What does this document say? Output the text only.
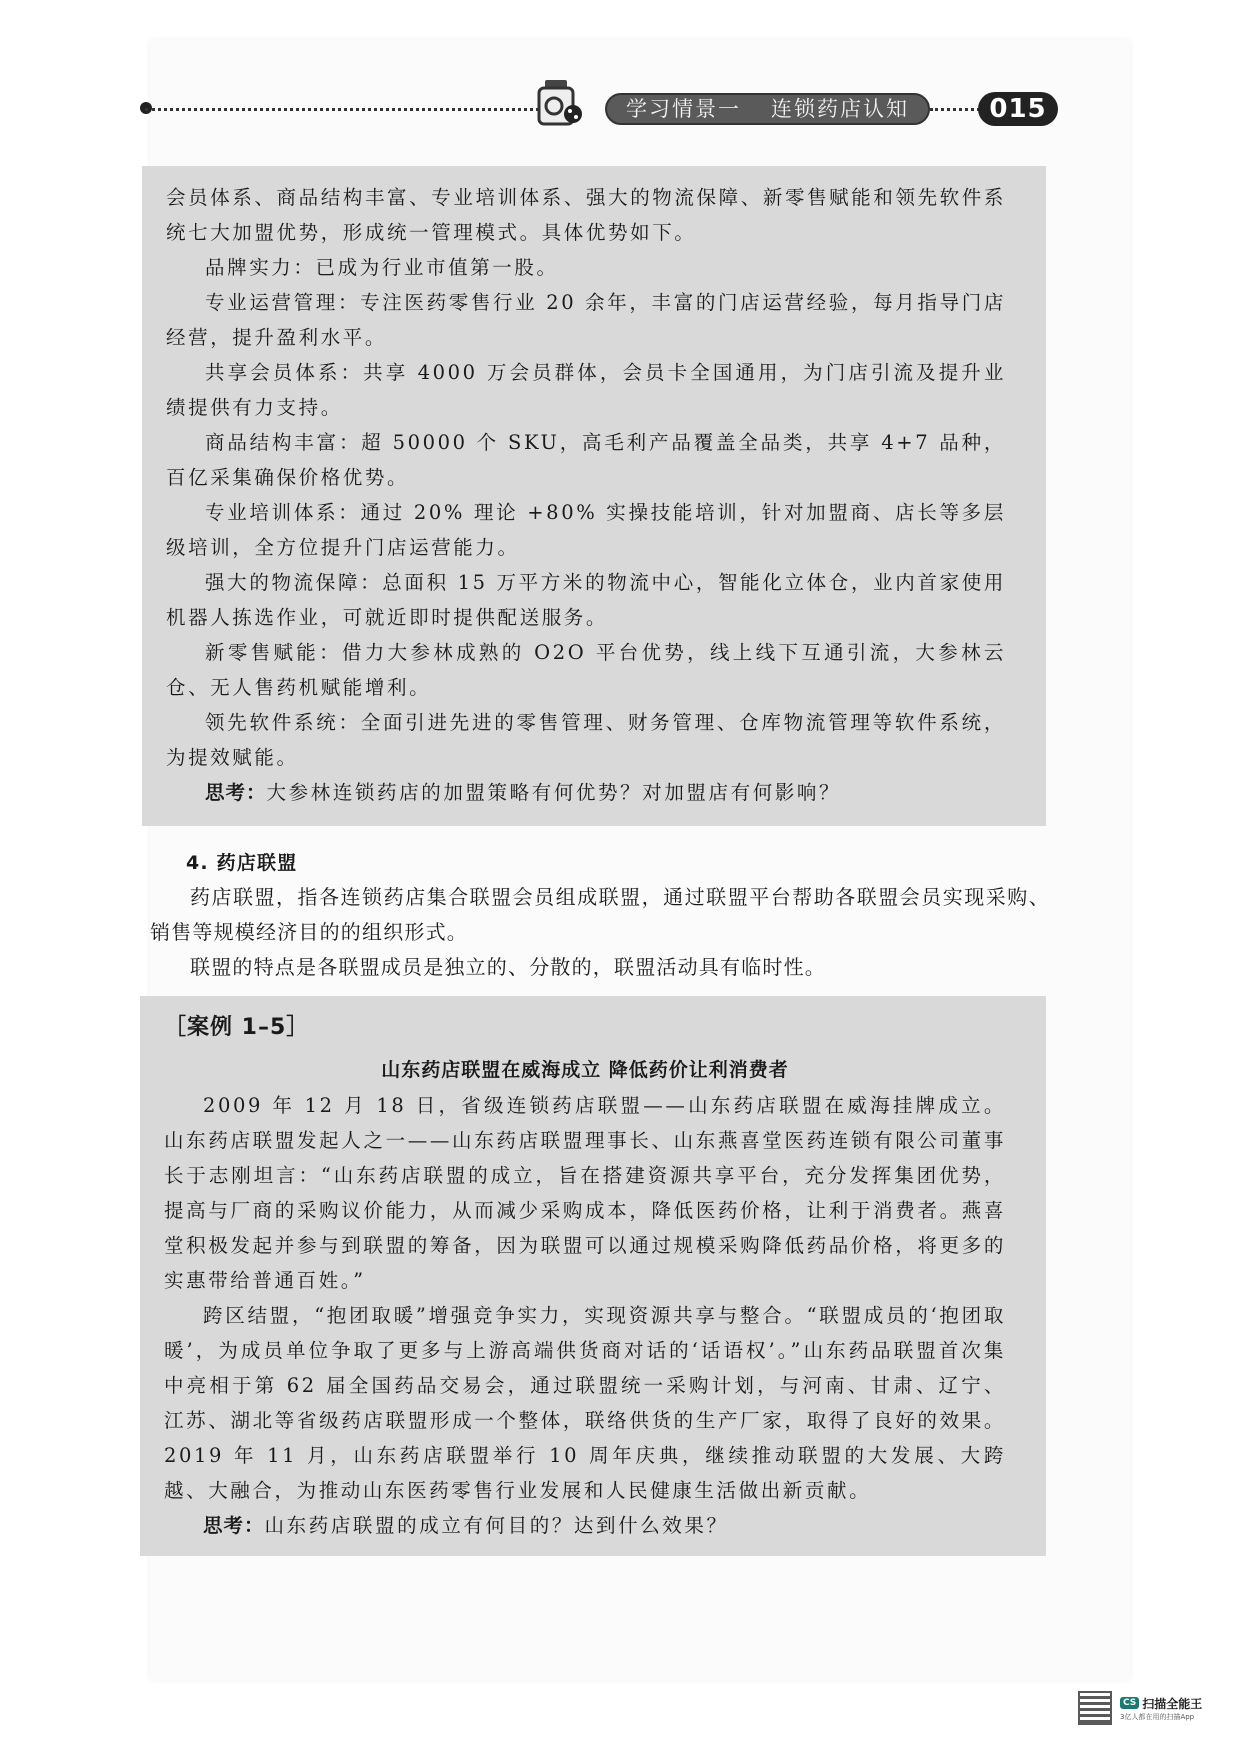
学习情景一 连锁药店认知	015

会员体系、商品结构丰富、专业培训体系、强大的物流保障、新零售赋能和领先软件系统七大加盟优势，形成统一管理模式。具体优势如下。

品牌实力：已成为行业市值第一股。

专业运营管理：专注医药零售行业 20 余年，丰富的门店运营经验，每月指导门店经营，提升盈利水平。

共享会员体系：共享 4000 万会员群体，会员卡全国通用，为门店引流及提升业绩提供有力支持。

商品结构丰富：超 50000 个 SKU，高毛利产品覆盖全品类，共享 4+7 品种，百亿采集确保价格优势。

专业培训体系：通过 20% 理论 +80% 实操技能培训，针对加盟商、店长等多层级培训，全方位提升门店运营能力。

强大的物流保障：总面积 15 万平方米的物流中心，智能化立体仓，业内首家使用机器人拣选作业，可就近即时提供配送服务。

新零售赋能：借力大参林成熟的 O2O 平台优势，线上线下互通引流，大参林云仓、无人售药机赋能增利。

领先软件系统：全面引进先进的零售管理、财务管理、仓库物流管理等软件系统，为提效赋能。

思考：大参林连锁药店的加盟策略有何优势？对加盟店有何影响？

4. 药店联盟

药店联盟，指各连锁药店集合联盟会员组成联盟，通过联盟平台帮助各联盟会员实现采购、销售等规模经济目的的组织形式。

联盟的特点是各联盟成员是独立的、分散的，联盟活动具有临时性。

［案例 1–5］

山东药店联盟在威海成立 降低药价让利消费者

2009 年 12 月 18 日，省级连锁药店联盟——山东药店联盟在威海挂牌成立。山东药店联盟发起人之一——山东药店联盟理事长、山东燕喜堂医药连锁有限公司董事长于志刚坦言：“山东药店联盟的成立，旨在搭建资源共享平台，充分发挥集团优势，提高与厂商的采购议价能力，从而减少采购成本，降低医药价格，让利于消费者。燕喜堂积极发起并参与到联盟的筹备，因为联盟可以通过规模采购降低药品价格，将更多的实惠带给普通百姓。”

跨区结盟，“抱团取暖”增强竞争实力，实现资源共享与整合。“联盟成员的‘抱团取暖’，为成员单位争取了更多与上游高端供货商对话的‘话语权’。”山东药品联盟首次集中亮相于第 62 届全国药品交易会，通过联盟统一采购计划，与河南、甘肃、辽宁、江苏、湖北等省级药店联盟形成一个整体，联络供货的生产厂家，取得了良好的效果。2019 年 11 月，山东药店联盟举行 10 周年庆典，继续推动联盟的大发展、大跨越、大融合，为推动山东医药零售行业发展和人民健康生活做出新贡献。

思考：山东药店联盟的成立有何目的？达到什么效果？

CS 扫描全能王
3亿人都在用的扫描App
